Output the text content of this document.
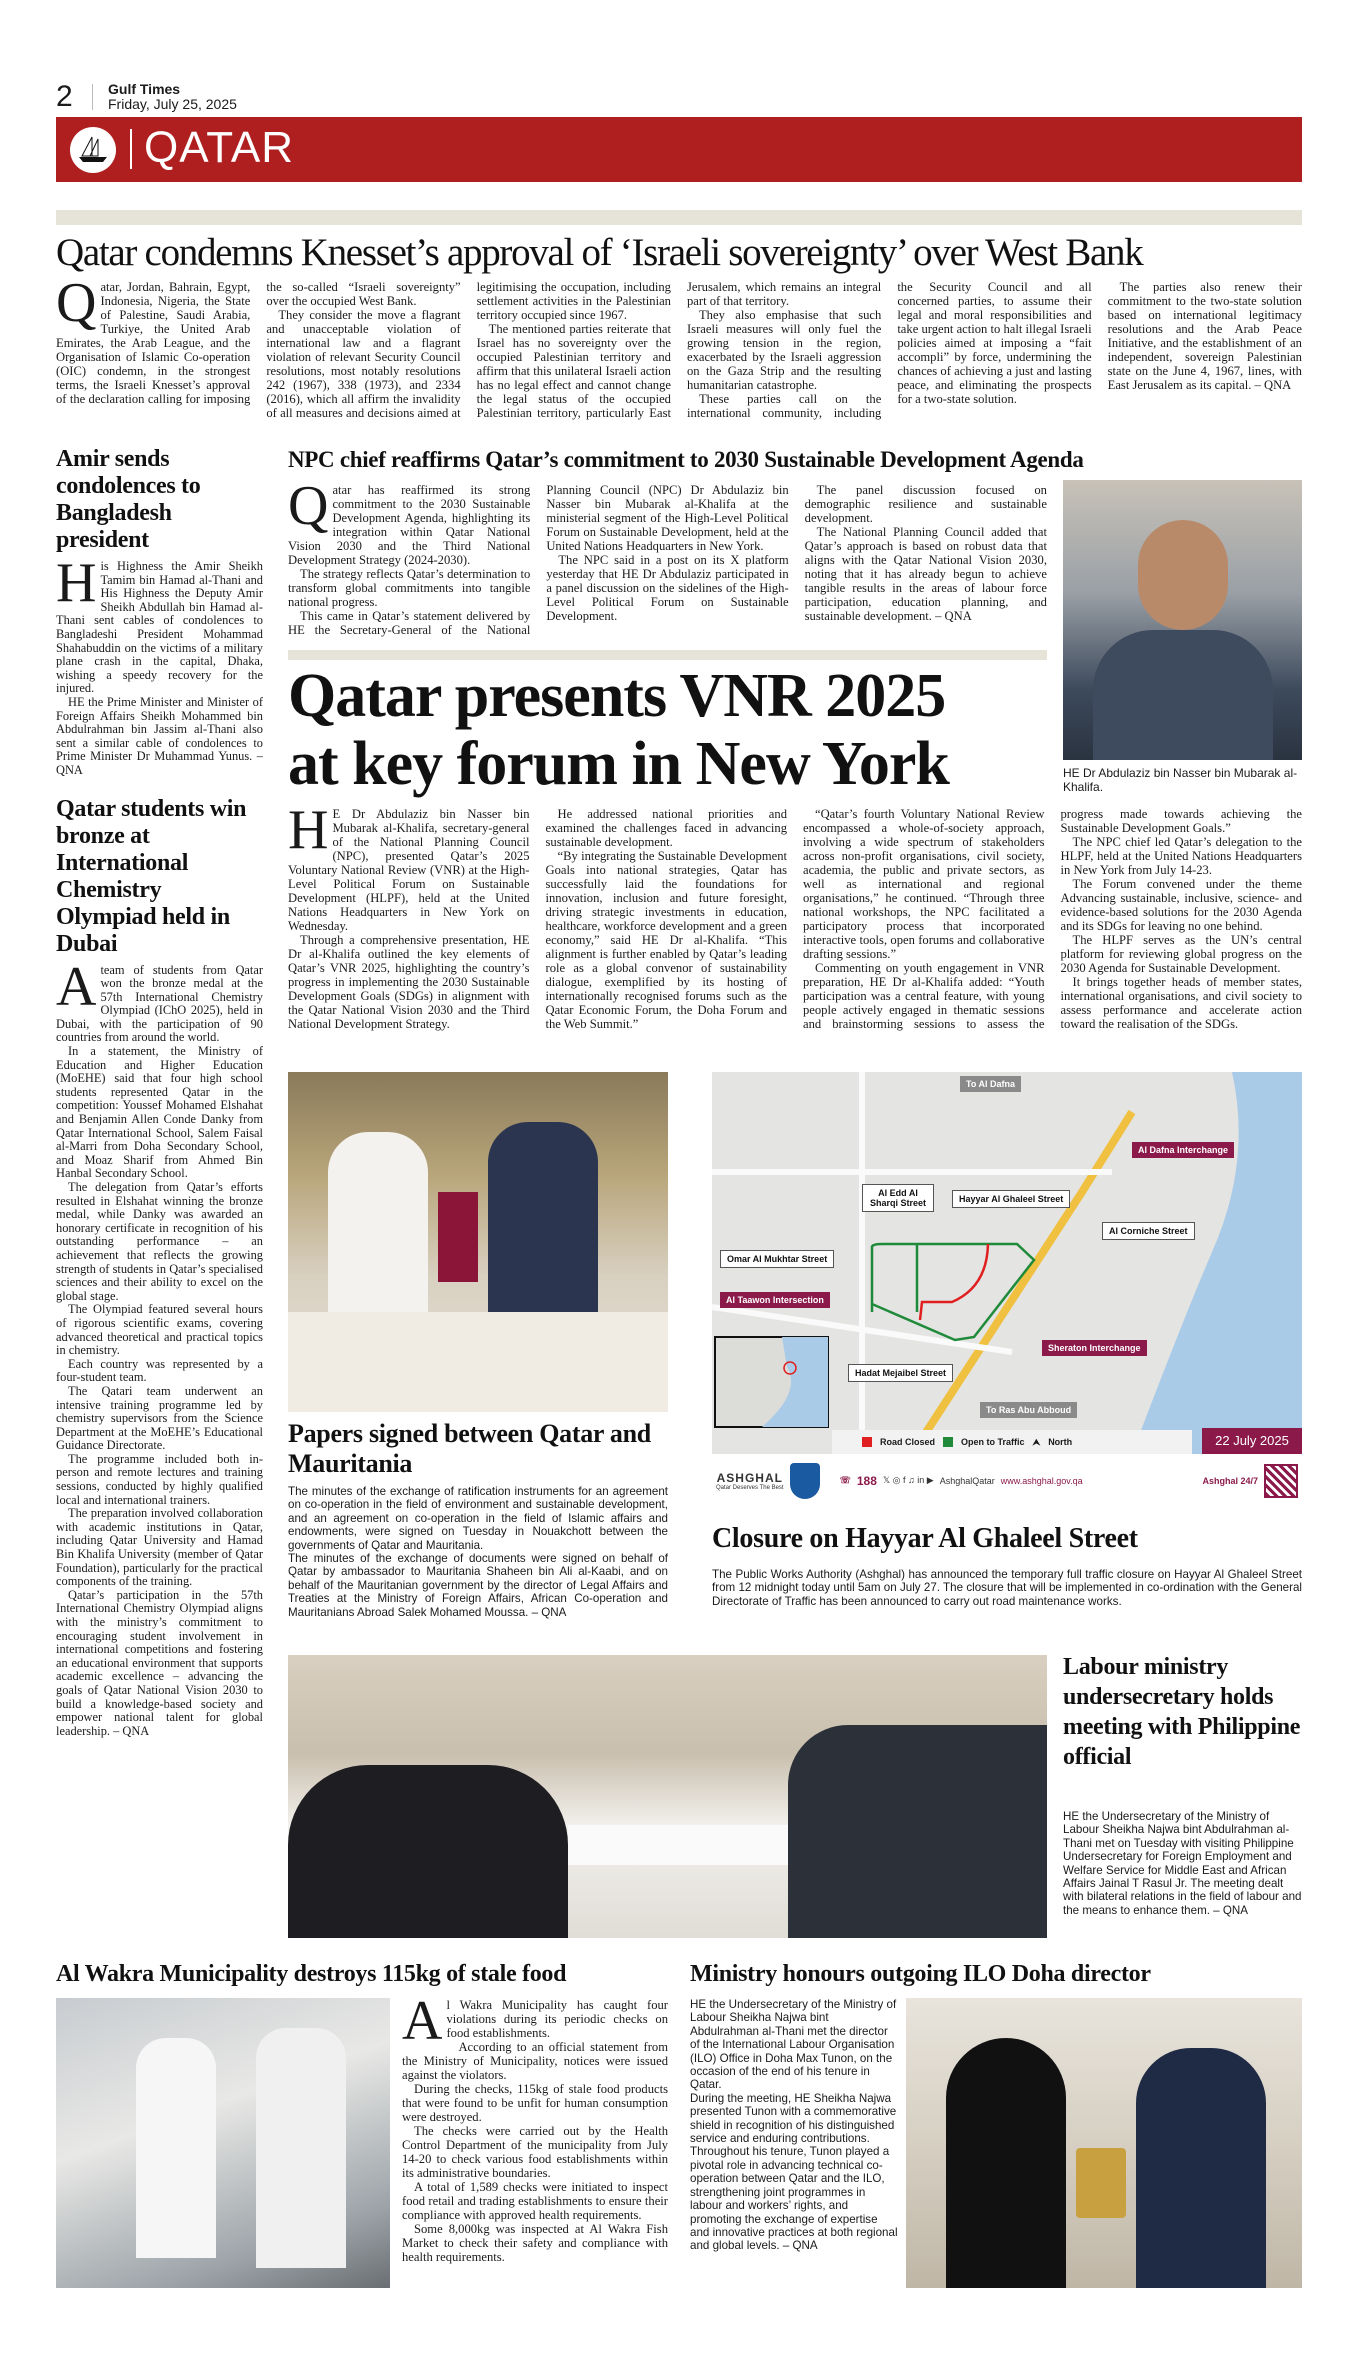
2	Gulf Times
Friday, July 25, 2025
QATAR
Qatar condemns Knesset’s approval of ‘Israeli sovereignty’ over West Bank

Qatar, Jordan, Bahrain, Egypt, Indonesia, Nigeria, the State of Palestine, Saudi Arabia, Turkiye, the United Arab Emirates, the Arab League, and the Organisation of Islamic Co-operation (OIC) condemn, in the strongest terms, the Israeli Knesset’s approval of the declaration calling for imposing the so-called “Israeli sovereignty” over the occupied West Bank.

They consider the move a flagrant and unacceptable violation of international law and a flagrant violation of relevant Security Council resolutions, most notably resolutions 242 (1967), 338 (1973), and 2334 (2016), which all affirm the invalidity of all measures and decisions aimed at legitimising the occupation, including settlement activities in the Palestinian territory occupied since 1967.

The mentioned parties reiterate that Israel has no sovereignty over the occupied Palestinian territory and affirm that this unilateral Israeli action has no legal effect and cannot change the legal status of the occupied Palestinian territory, particularly East Jerusalem, which remains an integral part of that territory.

They also emphasise that such Israeli measures will only fuel the growing tension in the region, exacerbated by the Israeli aggression on the Gaza Strip and the resulting humanitarian catastrophe.

These parties call on the international community, including the Security Council and all concerned parties, to assume their legal and moral responsibilities and take urgent action to halt illegal Israeli policies aimed at imposing a “fait accompli” by force, undermining the chances of achieving a just and lasting peace, and eliminating the prospects for a two-state solution.

The parties also renew their commitment to the two-state solution based on international legitimacy resolutions and the Arab Peace Initiative, and the establishment of an independent, sovereign Palestinian state on the June 4, 1967, lines, with East Jerusalem as its capital. – QNA

Amir sends condolences to Bangladesh president

His Highness the Amir Sheikh Tamim bin Hamad al-Thani and His Highness the Deputy Amir Sheikh Abdullah bin Hamad al-Thani sent cables of condolences to Bangladeshi President Mohammad Shahabuddin on the victims of a military plane crash in the capital, Dhaka, wishing a speedy recovery for the injured.

HE the Prime Minister and Minister of Foreign Affairs Sheikh Mohammed bin Abdulrahman bin Jassim al-Thani also sent a similar cable of condolences to Prime Minister Dr Muhammad Yunus. – QNA

Qatar students win bronze at International Chemistry Olympiad held in Dubai

Ateam of students from Qatar won the bronze medal at the 57th International Chemistry Olympiad (IChO 2025), held in Dubai, with the participation of 90 countries from around the world.

In a statement, the Ministry of Education and Higher Education (MoEHE) said that four high school students represented Qatar in the competition: Youssef Mohamed Elshahat and Benjamin Allen Conde Danky from Qatar International School, Salem Faisal al-Marri from Doha Secondary School, and Moaz Sharif from Ahmed Bin Hanbal Secondary School.

The delegation from Qatar’s efforts resulted in Elshahat winning the bronze medal, while Danky was awarded an honorary certificate in recognition of his outstanding performance – an achievement that reflects the growing strength of students in Qatar’s specialised sciences and their ability to excel on the global stage.

The Olympiad featured several hours of rigorous scientific exams, covering advanced theoretical and practical topics in chemistry.

Each country was represented by a four-student team.

The Qatari team underwent an intensive training programme led by chemistry supervisors from the Science Department at the MoEHE’s Educational Guidance Directorate.

The programme included both in-person and remote lectures and training sessions, conducted by highly qualified local and international trainers.

The preparation involved collaboration with academic institutions in Qatar, including Qatar University and Hamad Bin Khalifa University (member of Qatar Foundation), particularly for the practical components of the training.

Qatar’s participation in the 57th International Chemistry Olympiad aligns with the ministry’s commitment to encouraging student involvement in international competitions and fostering an educational environment that supports academic excellence – advancing the goals of Qatar National Vision 2030 to build a knowledge-based society and empower national talent for global leadership. – QNA

NPC chief reaffirms Qatar’s commitment to 2030 Sustainable Development Agenda

Qatar has reaffirmed its strong commitment to the 2030 Sustainable Development Agenda, highlighting its integration within Qatar National Vision 2030 and the Third National Development Strategy (2024-2030).

The strategy reflects Qatar’s determination to transform global commitments into tangible national progress.

This came in Qatar’s statement delivered by HE the Secretary-General of the National Planning Council (NPC) Dr Abdulaziz bin Nasser bin Mubarak al-Khalifa at the ministerial segment of the High-Level Political Forum on Sustainable Development, held at the United Nations Headquarters in New York.

The NPC said in a post on its X platform yesterday that HE Dr Abdulaziz participated in a panel discussion on the sidelines of the High-Level Political Forum on Sustainable Development.

The panel discussion focused on demographic resilience and sustainable development.

The National Planning Council added that Qatar’s approach is based on robust data that aligns with the Qatar National Vision 2030, noting that it has already begun to achieve tangible results in the areas of labour force participation, education planning, and sustainable development. – QNA

HE Dr Abdulaziz bin Nasser bin Mubarak al-Khalifa.
Qatar presents VNR 2025
at key forum in New York

HE Dr Abdulaziz bin Nasser bin Mubarak al-Khalifa, secretary-general of the National Planning Council (NPC), presented Qatar’s 2025 Voluntary National Review (VNR) at the High-Level Political Forum on Sustainable Development (HLPF), held at the United Nations Headquarters in New York on Wednesday.

Through a comprehensive presentation, HE Dr al-Khalifa outlined the key elements of Qatar’s VNR 2025, highlighting the country’s progress in implementing the 2030 Sustainable Development Goals (SDGs) in alignment with the Qatar National Vision 2030 and the Third National Development Strategy.

He addressed national priorities and examined the challenges faced in advancing sustainable development.

“By integrating the Sustainable Development Goals into national strategies, Qatar has successfully laid the foundations for innovation, inclusion and future foresight, driving strategic investments in education, healthcare, workforce development and a green economy,” said HE Dr al-Khalifa. “This alignment is further enabled by Qatar’s leading role as a global convenor of sustainability dialogue, exemplified by its hosting of internationally recognised forums such as the Qatar Economic Forum, the Doha Forum and the Web Summit.”

“Qatar’s fourth Voluntary National Review encompassed a whole-of-society approach, involving a wide spectrum of stakeholders across non-profit organisations, civil society, academia, the public and private sectors, as well as international and regional organisations,” he continued. “Through three national workshops, the NPC facilitated a participatory process that incorporated interactive tools, open forums and collaborative drafting sessions.”

Commenting on youth engagement in VNR preparation, HE Dr al-Khalifa added: “Youth participation was a central feature, with young people actively engaged in thematic sessions and brainstorming sessions to assess the progress made towards achieving the Sustainable Development Goals.”

The NPC chief led Qatar’s delegation to the HLPF, held at the United Nations Headquarters in New York from July 14-23.

The Forum convened under the theme Advancing sustainable, inclusive, science- and evidence-based solutions for the 2030 Agenda and its SDGs for leaving no one behind.

The HLPF serves as the UN’s central platform for reviewing global progress on the 2030 Agenda for Sustainable Development.

It brings together heads of member states, international organisations, and civil society to assess performance and accelerate action toward the realisation of the SDGs.

Papers signed between Qatar and Mauritania

The minutes of the exchange of ratification instruments for an agreement on co-operation in the field of environment and sustainable development, and an agreement on co-operation in the field of Islamic affairs and endowments, were signed on Tuesday in Nouakchott between the governments of Qatar and Mauritania.

The minutes of the exchange of documents were signed on behalf of Qatar by ambassador to Mauritania Shaheen bin Ali al-Kaabi, and on behalf of the Mauritanian government by the director of Legal Affairs and Treaties at the Ministry of Foreign Affairs, African Co-operation and Mauritanians Abroad Salek Mohamed Moussa. – QNA

To Al Dafna
Al Dafna Interchange
Al Edd Al Sharqi Street	Hayyar Al Ghaleel Street
Al Corniche Street
Omar Al Mukhtar Street
Al Taawon Intersection
Sheraton Interchange
Hadat Mejaibel Street
To Ras Abu Abboud
Road Closed	Open to Traffic ⮝ North	22 July 2025
ASHGHAL
Qatar Deserves The Best
☏ 188 𝕏 ◎ f ♫ in ▶ AshghalQatar www.ashghal.gov.qa	Ashghal 24/7
Closure on Hayyar Al Ghaleel Street

The Public Works Authority (Ashghal) has announced the temporary full traffic closure on Hayyar Al Ghaleel Street from 12 midnight today until 5am on July 27. The closure that will be implemented in co-ordination with the General Directorate of Traffic has been announced to carry out road maintenance works.

Labour ministry undersecretary holds meeting with Philippine official

HE the Undersecretary of the Ministry of Labour Sheikha Najwa bint Abdulrahman al-Thani met on Tuesday with visiting Philippine Undersecretary for Foreign Employment and Welfare Service for Middle East and African Affairs Jainal T Rasul Jr. The meeting dealt with bilateral relations in the field of labour and the means to enhance them. – QNA

Al Wakra Municipality destroys 115kg of stale food

Al Wakra Municipality has caught four violations during its periodic checks on food establishments.

According to an official statement from the Ministry of Municipality, notices were issued against the violators.

During the checks, 115kg of stale food products that were found to be unfit for human consumption were destroyed.

The checks were carried out by the Health Control Department of the municipality from July 14-20 to check various food establishments within its administrative boundaries.

A total of 1,589 checks were initiated to inspect food retail and trading establishments to ensure their compliance with approved health requirements.

Some 8,000kg was inspected at Al Wakra Fish Market to check their safety and compliance with health requirements.

Ministry honours outgoing ILO Doha director

HE the Undersecretary of the Ministry of Labour Sheikha Najwa bint Abdulrahman al-Thani met the director of the International Labour Organisation (ILO) Office in Doha Max Tunon, on the occasion of the end of his tenure in Qatar.

During the meeting, HE Sheikha Najwa presented Tunon with a commemorative shield in recognition of his distinguished service and enduring contributions.

Throughout his tenure, Tunon played a pivotal role in advancing technical co-operation between Qatar and the ILO, strengthening joint programmes in labour and workers’ rights, and promoting the exchange of expertise and innovative practices at both regional and global levels. – QNA
